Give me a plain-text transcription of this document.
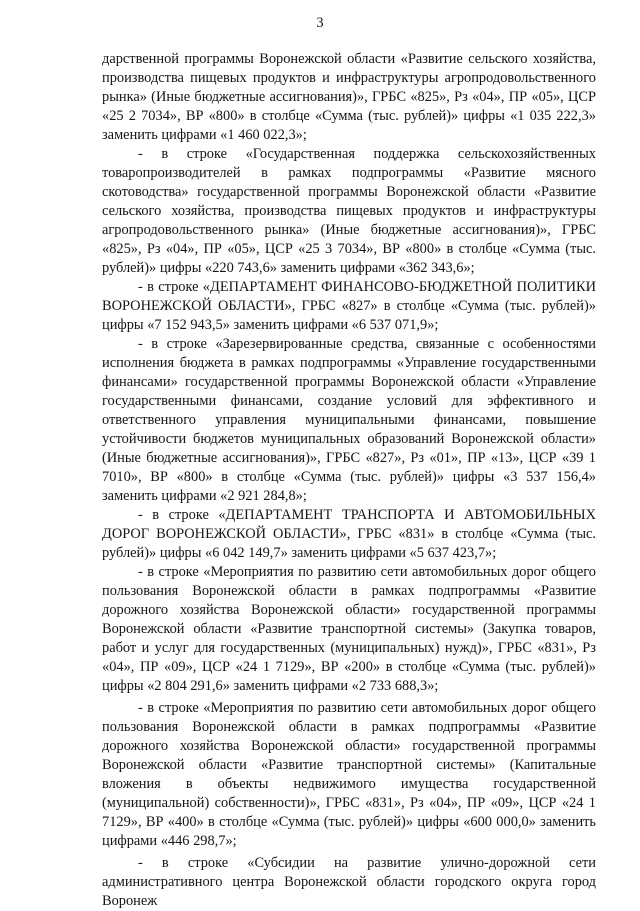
3

дарственной программы Воронежской области «Развитие сельского хозяйства, производства пищевых продуктов и инфраструктуры агропродовольственного рынка» (Иные бюджетные ассигнования)», ГРБС «825», Рз «04», ПР «05», ЦСР «25 2 7034», ВР «800» в столбце «Сумма (тыс. рублей)» цифры «1 035 222,3» заменить цифрами «1 460 022,3»;

- в строке «Государственная поддержка сельскохозяйственных товаропроизводителей в рамках подпрограммы «Развитие мясного скотоводства» государственной программы Воронежской области «Развитие сельского хозяйства, производства пищевых продуктов и инфраструктуры агропродовольственного рынка» (Иные бюджетные ассигнования)», ГРБС «825», Рз «04», ПР «05», ЦСР «25 3 7034», ВР «800» в столбце «Сумма (тыс. рублей)» цифры «220 743,6» заменить цифрами «362 343,6»;

- в строке «ДЕПАРТАМЕНТ ФИНАНСОВО-БЮДЖЕТНОЙ ПОЛИТИКИ ВОРОНЕЖСКОЙ ОБЛАСТИ», ГРБС «827» в столбце «Сумма (тыс. рублей)» цифры «7 152 943,5» заменить цифрами «6 537 071,9»;

- в строке «Зарезервированные средства, связанные с особенностями исполнения бюджета в рамках подпрограммы «Управление государственными финансами» государственной программы Воронежской области «Управление государственными финансами, создание условий для эффективного и ответственного управления муниципальными финансами, повышение устойчивости бюджетов муниципальных образований Воронежской области» (Иные бюджетные ассигнования)», ГРБС «827», Рз «01», ПР «13», ЦСР «39 1 7010», ВР «800» в столбце «Сумма (тыс. рублей)» цифры «3 537 156,4» заменить цифрами «2 921 284,8»;

- в строке «ДЕПАРТАМЕНТ ТРАНСПОРТА И АВТОМОБИЛЬНЫХ ДОРОГ ВОРОНЕЖСКОЙ ОБЛАСТИ», ГРБС «831» в столбце «Сумма (тыс. рублей)» цифры «6 042 149,7» заменить цифрами «5 637 423,7»;

- в строке «Мероприятия по развитию сети автомобильных дорог общего пользования Воронежской области в рамках подпрограммы «Развитие дорожного хозяйства Воронежской области» государственной программы Воронежской области «Развитие транспортной системы» (Закупка товаров, работ и услуг для государственных (муниципальных) нужд)», ГРБС «831», Рз «04», ПР «09», ЦСР «24 1 7129», ВР «200» в столбце «Сумма (тыс. рублей)» цифры «2 804 291,6» заменить цифрами «2 733 688,3»;

- в строке «Мероприятия по развитию сети автомобильных дорог общего пользования Воронежской области в рамках подпрограммы «Развитие дорожного хозяйства Воронежской области» государственной программы Воронежской области «Развитие транспортной системы» (Капитальные вложения в объекты недвижимого имущества государственной (муниципальной) собственности)», ГРБС «831», Рз «04», ПР «09», ЦСР «24 1 7129», ВР «400» в столбце «Сумма (тыс. рублей)» цифры «600 000,0» заменить цифрами «446 298,7»;

- в строке «Субсидии на развитие улично-дорожной сети административного центра Воронежской области городского округа город Воронеж
